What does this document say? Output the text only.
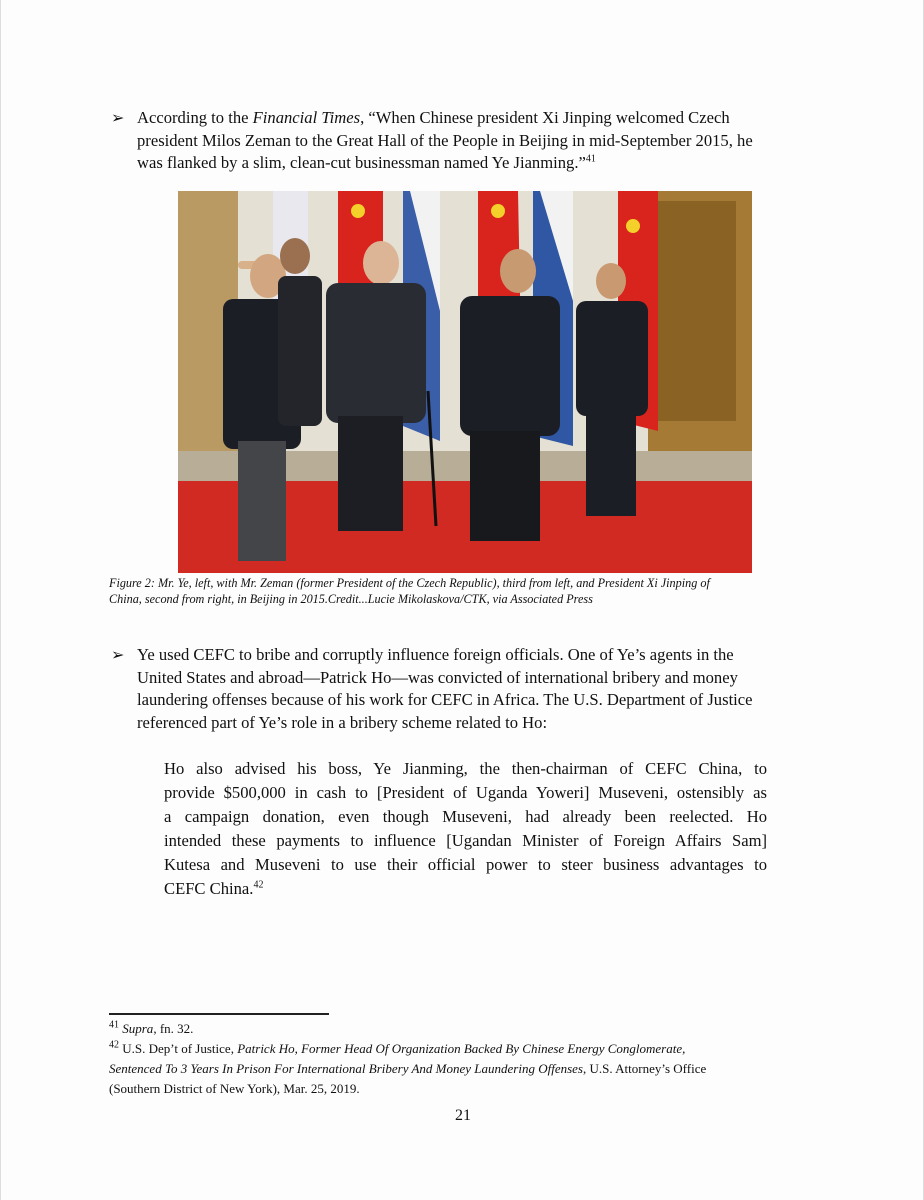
➢ According to the Financial Times, “When Chinese president Xi Jinping welcomed Czech
president Milos Zeman to the Great Hall of the People in Beijing in mid-September 2015, he
was flanked by a slim, clean-cut businessman named Ye Jianming.”$^{41}$
Figure 2: Mr. Ye, left, with Mr. Zeman (former President of the Czech Republic), third from left, and President Xi Jinping of
China, second from right, in Beijing in 2015.Credit...Lucie Mikolaskova/CTK, via Associated Press
➢ Ye used CEFC to bribe and corruptly influence foreign officials. One of Ye’s agents in the
United States and abroad—Patrick Ho—was convicted of international bribery and money
laundering offenses because of his work for CEFC in Africa. The U.S. Department of Justice
referenced part of Ye’s role in a bribery scheme related to Ho:
Ho also advised his boss, Ye Jianming, the then-chairman of CEFC China, to
provide $500,000 in cash to [President of Uganda Yoweri] Museveni, ostensibly as
a campaign donation, even though Museveni, had already been reelected. Ho
intended these payments to influence [Ugandan Minister of Foreign Affairs Sam]
Kutesa and Museveni to use their official power to steer business advantages to
CEFC China.$^{42}$
$^{41}$ Supra, fn. 32.
$^{42}$ U.S. Dep’t of Justice, Patrick Ho, Former Head Of Organization Backed By Chinese Energy Conglomerate,
Sentenced To 3 Years In Prison For International Bribery And Money Laundering Offenses, U.S. Attorney’s Office
(Southern District of New York), Mar. 25, 2019.
21
